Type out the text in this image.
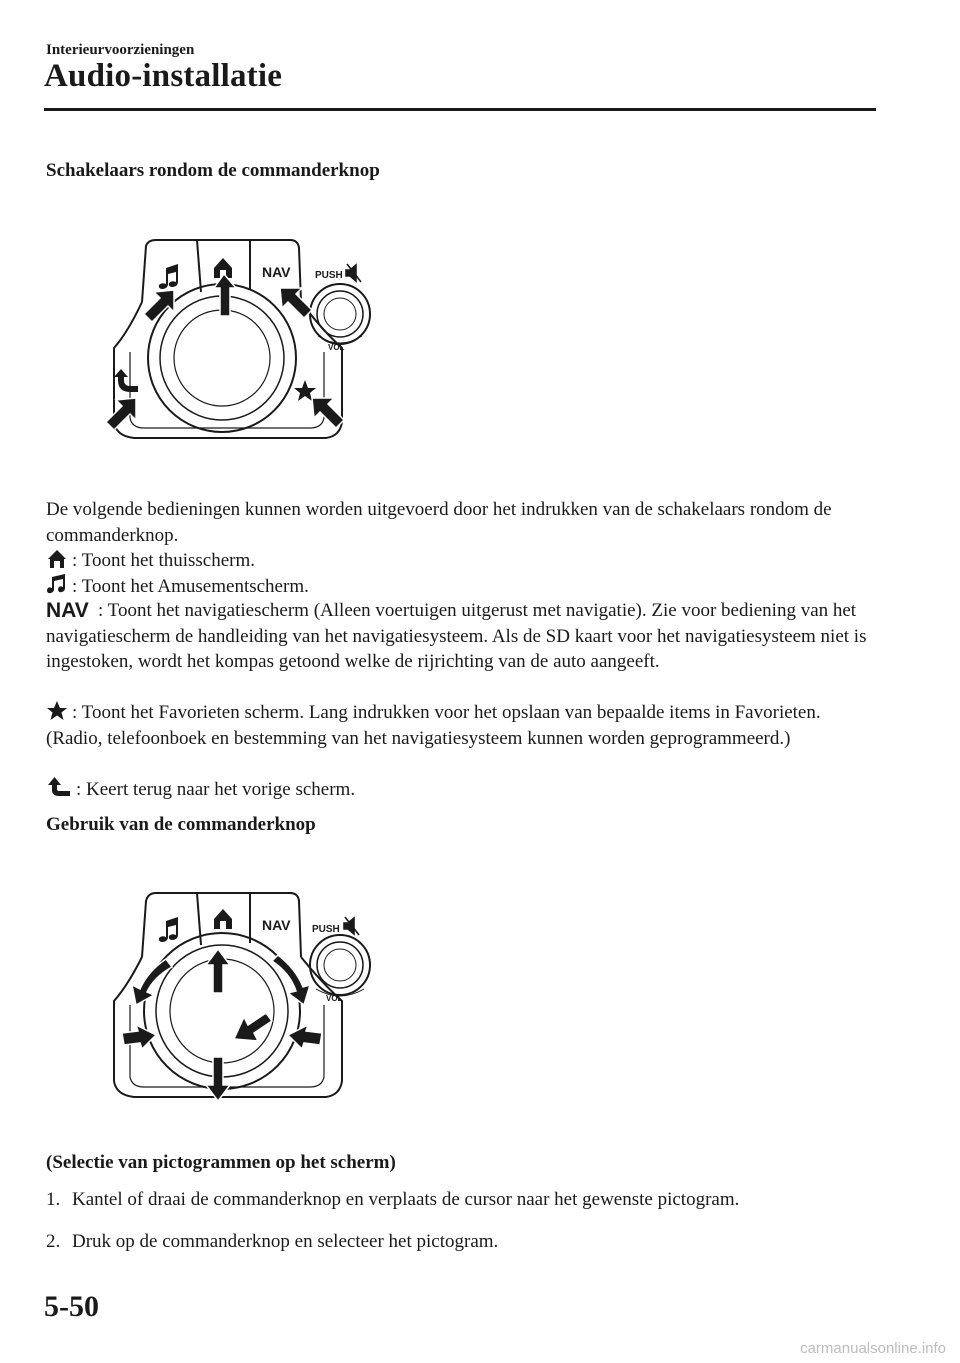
Interieurvoorzieningen
Audio-installatie
Schakelaars rondom de commanderknop
NAV PUSH
VOL
De volgende bedieningen kunnen worden uitgevoerd door het indrukken van de schakelaars rondom de commanderknop.
: Toont het thuisscherm.
: Toont het Amusementscherm.
NAV : Toont het navigatiescherm (Alleen voertuigen uitgerust met navigatie). Zie voor bediening van het navigatiescherm de handleiding van het navigatiesysteem. Als de SD kaart voor het navigatiesysteem niet is ingestoken, wordt het kompas getoond welke de rijrichting van de auto aangeeft.
: Toont het Favorieten scherm. Lang indrukken voor het opslaan van bepaalde items in Favorieten. (Radio, telefoonboek en bestemming van het navigatiesysteem kunnen worden geprogrammeerd.)
: Keert terug naar het vorige scherm.
Gebruik van de commanderknop
NAV PUSH
VOL
(Selectie van pictogrammen op het scherm)
1. Kantel of draai de commanderknop en verplaats de cursor naar het gewenste pictogram.
2. Druk op de commanderknop en selecteer het pictogram.
5-50
carmanualsonline.info
